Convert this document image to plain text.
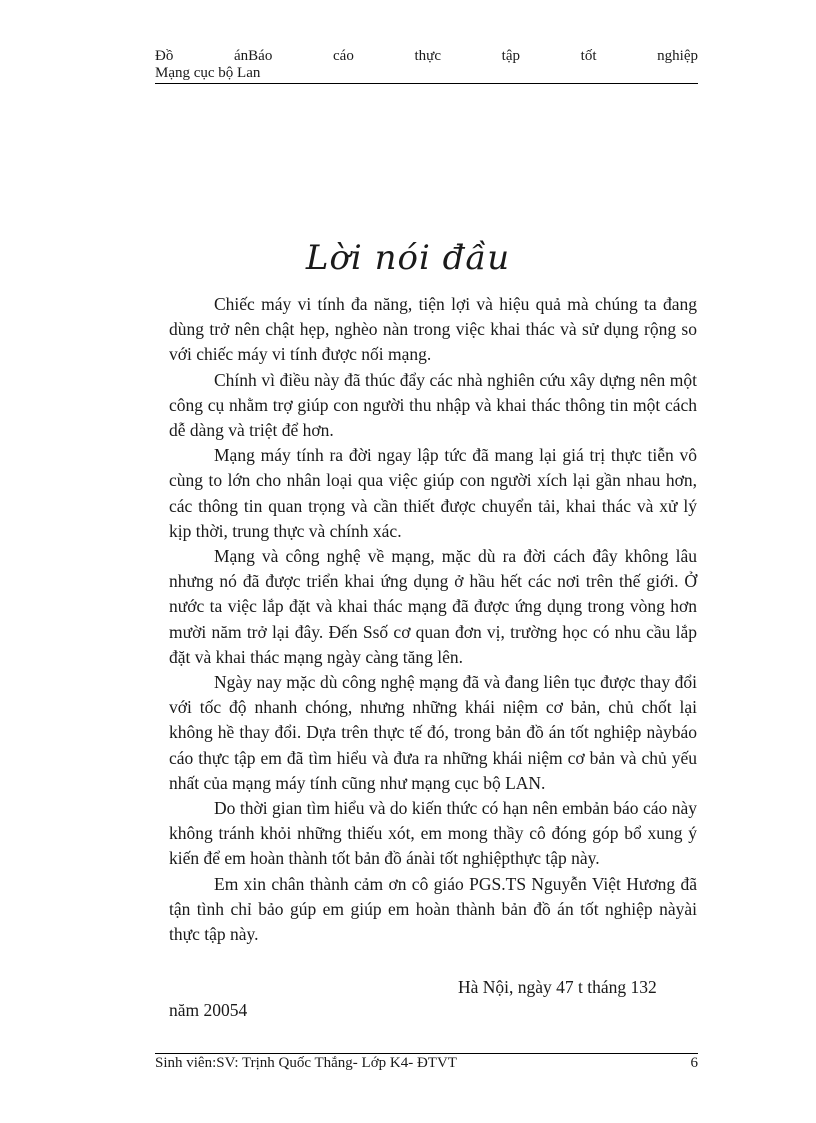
Đồ	ánBáo	cáo	thực	tập	tốt	nghiệp
Mạng cục bộ Lan
Lời nói đầu

Chiếc máy vi tính đa năng, tiện lợi và hiệu quả mà chúng ta đang dùng trở nên chật hẹp, nghèo nàn trong việc khai thác và sử dụng rộng so với chiếc máy vi tính được nối mạng.

Chính vì điều này đã thúc đẩy các nhà nghiên cứu xây dựng nên một công cụ nhằm trợ giúp con người thu nhập và khai thác thông tin một cách dễ dàng và triệt để hơn.

Mạng máy tính ra đời ngay lập tức đã mang lại giá trị thực tiễn vô cùng to lớn cho nhân loại qua việc giúp con người xích lại gần nhau hơn, các thông tin quan trọng và cần thiết được chuyển tải, khai thác và xử lý kịp thời, trung thực và chính xác.

Mạng và công nghệ về mạng, mặc dù ra đời cách đây không lâu nhưng nó đã được triển khai ứng dụng ở hầu hết các nơi trên thế giới. Ở nước ta việc lắp đặt và khai thác mạng đã được ứng dụng trong vòng hơn mười năm trở lại đây. Đến Ssố cơ quan đơn vị, trường học có nhu cầu lắp đặt và khai thác mạng ngày càng tăng lên.

Ngày nay mặc dù công nghệ mạng đã và đang liên tục được thay đổi với tốc độ nhanh chóng, nhưng những khái niệm cơ bản, chủ chốt lại không hề thay đổi. Dựa trên thực tế đó, trong bản đồ án tốt nghiệp nàybáo cáo thực tập em đã tìm hiểu và đưa ra những khái niệm cơ bản và chủ yếu nhất của mạng máy tính cũng như mạng cục bộ LAN.

Do thời gian tìm hiểu và do kiến thức có hạn nên embản báo cáo này không tránh khỏi những thiếu xót, em mong thầy cô đóng góp bổ xung ý kiến để em hoàn thành tốt bản đồ ánài tốt nghiệpthực tập này.

Em xin chân thành cảm ơn cô giáo PGS.TS Nguyễn Việt Hương đã tận tình chỉ bảo gúp em giúp em hoàn thành bản đồ án tốt nghiệp nàyài thực tập này.

Hà Nội, ngày 47 t tháng 132
năm 20054
Sinh viên:SV: Trịnh Quốc Thắng- Lớp K4- ĐTVT	6
